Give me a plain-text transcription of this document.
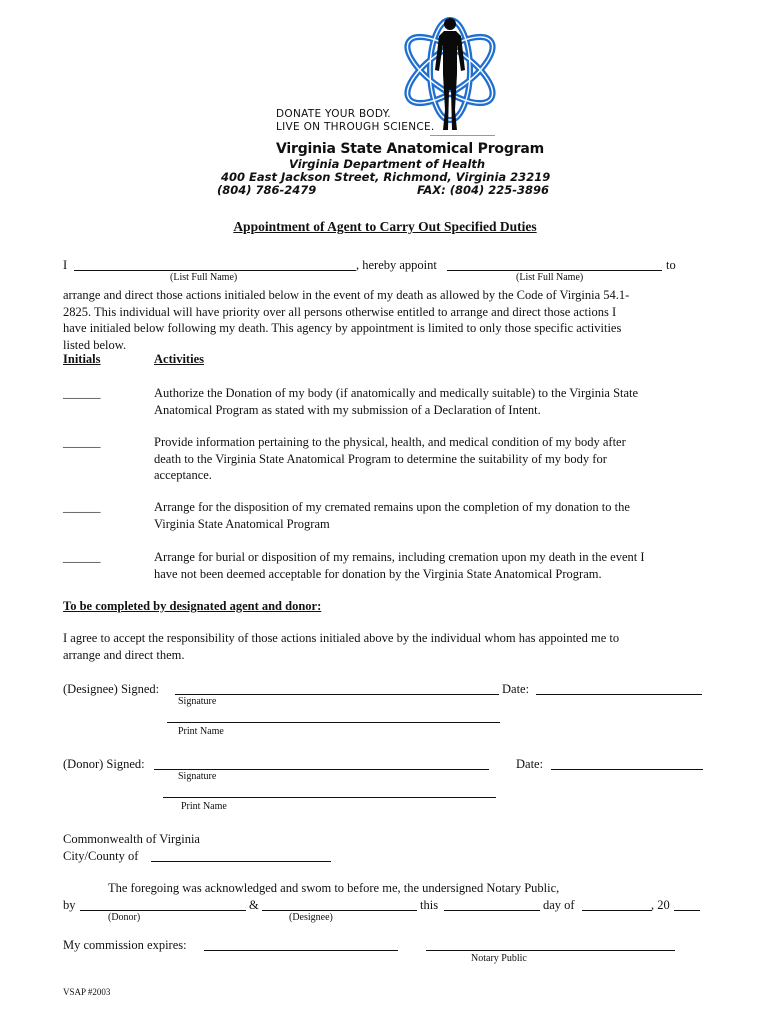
DONATE YOUR BODY.
LIVE ON THROUGH SCIENCE.
Virginia State Anatomical Program
Virginia Department of Health
400 East Jackson Street, Richmond, Virginia 23219
(804) 786-2479	FAX: (804) 225-3896
Appointment of Agent to Carry Out Specified Duties
I	, hereby appoint	to
(List Full Name)	(List Full Name)
arrange and direct those actions initialed below in the event of my death as allowed by the Code of Virginia 54.1-
2825. This individual will have priority over all persons otherwise entitled to arrange and direct those actions I
have initialed below following my death. This agency by appointment is limited to only those specific activities
listed below.
Initials	Activities
______	Authorize the Donation of my body (if anatomically and medically suitable) to the Virginia State
Anatomical Program as stated with my submission of a Declaration of Intent.
______	Provide information pertaining to the physical, health, and medical condition of my body after
death to the Virginia State Anatomical Program to determine the suitability of my body for
acceptance.
______	Arrange for the disposition of my cremated remains upon the completion of my donation to the
Virginia State Anatomical Program
______	Arrange for burial or disposition of my remains, including cremation upon my death in the event I
have not been deemed acceptable for donation by the Virginia State Anatomical Program.
To be completed by designated agent and donor:
I agree to accept the responsibility of those actions initialed above by the individual whom has appointed me to
arrange and direct them.
(Designee) Signed:	Date:
Signature
Print Name
(Donor) Signed:	Date:
Signature
Print Name
Commonwealth of Virginia
City/County of
The foregoing was acknowledged and swom to before me, the undersigned Notary Public,
by	&	this	day of	, 20
(Donor)	(Designee)
My commission expires:
Notary Public
VSAP #2003
